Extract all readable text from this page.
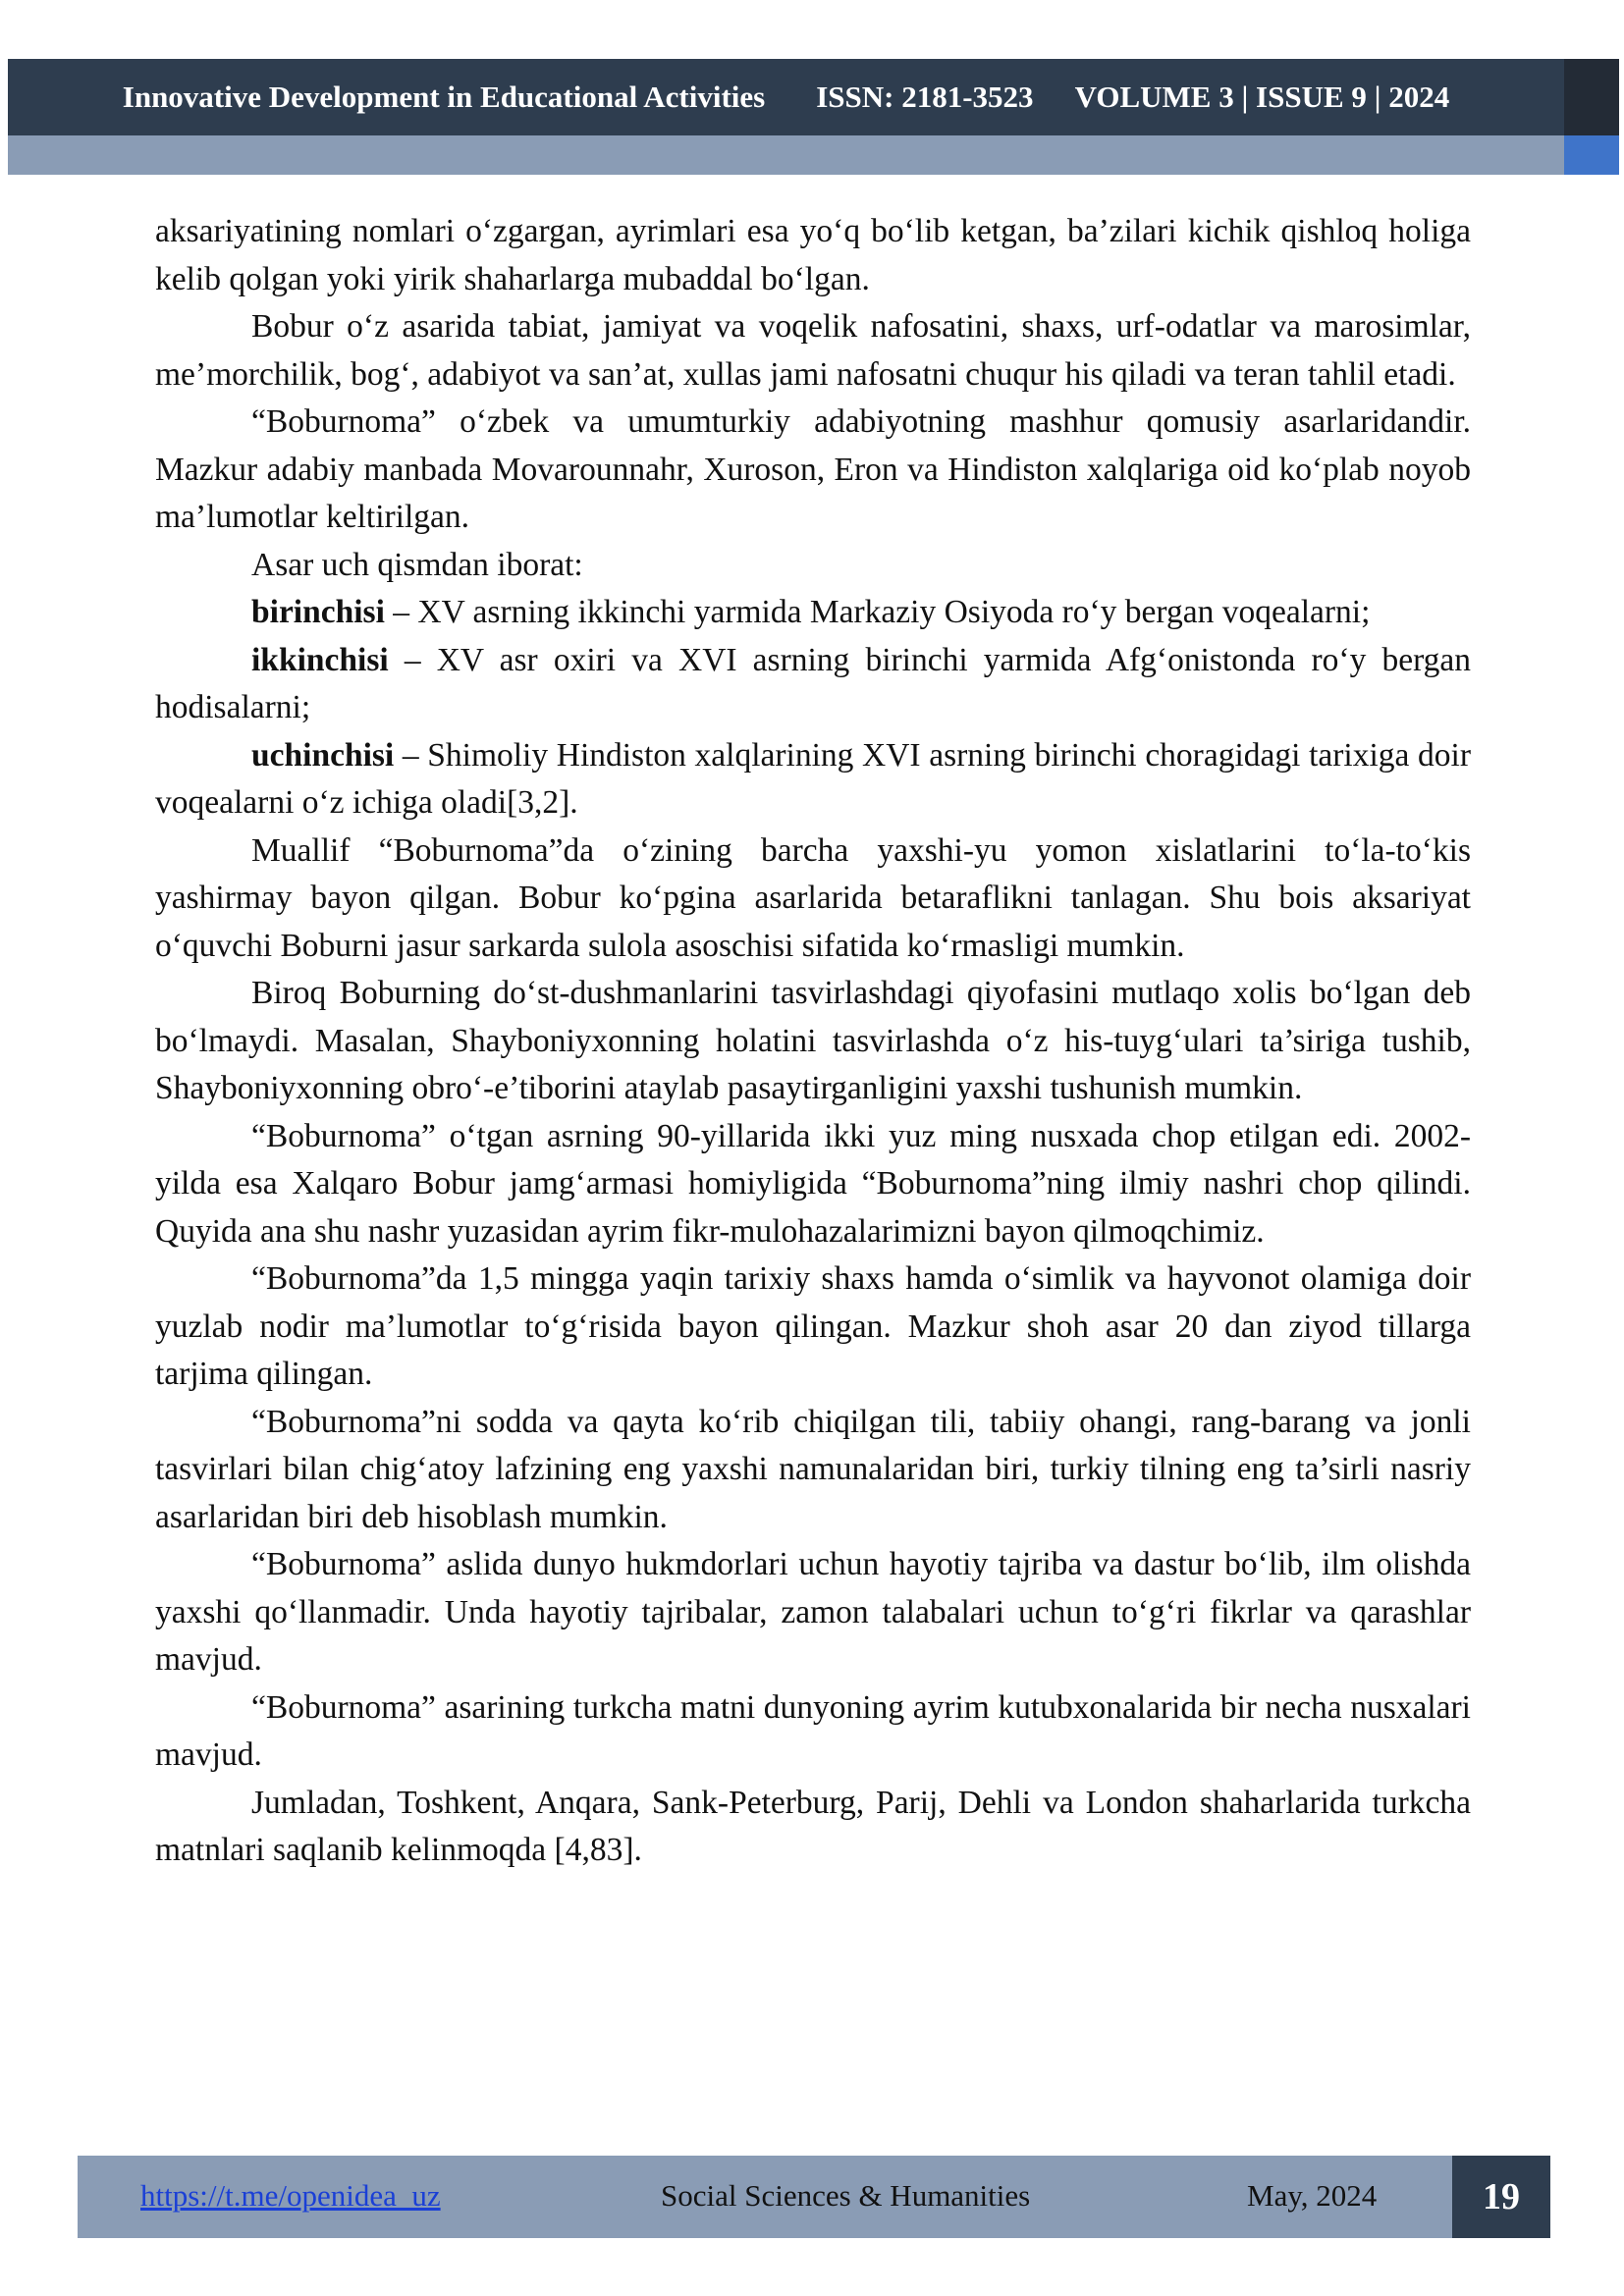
Innovative Development in Educational Activities ISSN: 2181-3523 VOLUME 3 | ISSUE 9 | 2024

aksariyatining nomlari o‘zgargan, ayrimlari esa yo‘q bo‘lib ketgan, ba’zilari kichik qishloq holiga kelib qolgan yoki yirik shaharlarga mubaddal bo‘lgan.

Bobur o‘z asarida tabiat, jamiyat va voqelik nafosatini, shaxs, urf-odatlar va marosimlar, me’morchilik, bog‘, adabiyot va san’at, xullas jami nafosatni chuqur his qiladi va teran tahlil etadi.

“Boburnoma” o‘zbek va umumturkiy adabiyotning mashhur qomusiy asarlaridandir. Mazkur adabiy manbada Movarounnahr, Xuroson, Eron va Hindiston xalqlariga oid ko‘plab noyob ma’lumotlar keltirilgan.

Asar uch qismdan iborat:

birinchisi – XV asrning ikkinchi yarmida Markaziy Osiyoda ro‘y bergan voqealarni;

ikkinchisi – XV asr oxiri va XVI asrning birinchi yarmida Afg‘onistonda ro‘y bergan hodisalarni;

uchinchisi – Shimoliy Hindiston xalqlarining XVI asrning birinchi choragidagi tarixiga doir voqealarni o‘z ichiga oladi[3,2].

Muallif “Boburnoma”da o‘zining barcha yaxshi-yu yomon xislatlarini to‘la-to‘kis yashirmay bayon qilgan. Bobur ko‘pgina asarlarida betaraflikni tanlagan. Shu bois aksariyat o‘quvchi Boburni jasur sarkarda sulola asoschisi sifatida ko‘rmasligi mumkin.

Biroq Boburning do‘st-dushmanlarini tasvirlashdagi qiyofasini mutlaqo xolis bo‘lgan deb bo‘lmaydi. Masalan, Shayboniyxonning holatini tasvirlashda o‘z his-tuyg‘ulari ta’siriga tushib, Shayboniyxonning obro‘-e’tiborini ataylab pasaytirganligini yaxshi tushunish mumkin.

“Boburnoma” o‘tgan asrning 90-yillarida ikki yuz ming nusxada chop etilgan edi. 2002-yilda esa Xalqaro Bobur jamg‘armasi homiyligida “Boburnoma”ning ilmiy nashri chop qilindi. Quyida ana shu nashr yuzasidan ayrim fikr-mulohazalarimizni bayon qilmoqchimiz.

“Boburnoma”da 1,5 mingga yaqin tarixiy shaxs hamda o‘simlik va hayvonot olamiga doir yuzlab nodir ma’lumotlar to‘g‘risida bayon qilingan. Mazkur shoh asar 20 dan ziyod tillarga tarjima qilingan.

“Boburnoma”ni sodda va qayta ko‘rib chiqilgan tili, tabiiy ohangi, rang-barang va jonli tasvirlari bilan chig‘atoy lafzining eng yaxshi namunalaridan biri, turkiy tilning eng ta’sirli nasriy asarlaridan biri deb hisoblash mumkin.

“Boburnoma” aslida dunyo hukmdorlari uchun hayotiy tajriba va dastur bo‘lib, ilm olishda yaxshi qo‘llanmadir. Unda hayotiy tajribalar, zamon talabalari uchun to‘g‘ri fikrlar va qarashlar mavjud.

“Boburnoma” asarining turkcha matni dunyoning ayrim kutubxonalarida bir necha nusxalari mavjud.

Jumladan, Toshkent, Anqara, Sank-Peterburg, Parij, Dehli va London shaharlarida turkcha matnlari saqlanib kelinmoqda [4,83].

https://t.me/openidea_uz	Social Sciences & Humanities	May, 2024	19
